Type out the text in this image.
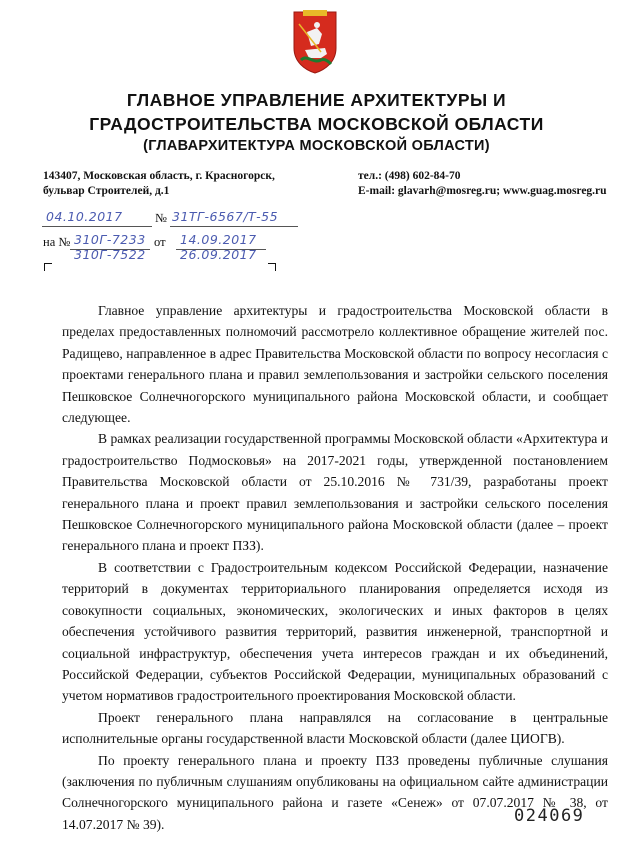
ГЛАВНОЕ УПРАВЛЕНИЕ АРХИТЕКТУРЫ И
ГРАДОСТРОИТЕЛЬСТВА МОСКОВСКОЙ ОБЛАСТИ
(ГЛАВАРХИТЕКТУРА МОСКОВСКОЙ ОБЛАСТИ)
143407, Московская область, г. Красногорск,
бульвар Строителей, д.1
тел.: (498) 602-84-70
E-mail: glavarh@mosreg.ru; www.guag.mosreg.ru
04.10.2017	№ 31ТГ-6567/Т-55
на № 310Г-7233 от 14.09.2017
310Г-7522	26.09.2017

Главное управление архитектуры и градостроительства Московской области в пределах предоставленных полномочий рассмотрело коллективное обращение жителей пос. Радищево, направленное в адрес Правительства Московской области по вопросу несогласия с проектами генерального плана и правил землепользования и застройки сельского поселения Пешковское Солнечногорского муниципального района Московской области, и сообщает следующее.

В рамках реализации государственной программы Московской области «Архитектура и градостроительство Подмосковья» на 2017-2021 годы, утвержденной постановлением Правительства Московской области от 25.10.2016 № 731/39, разработаны проект генерального плана и проект правил землепользования и застройки сельского поселения Пешковское Солнечногорского муниципального района Московской области (далее – проект генерального плана и проект ПЗЗ).

В соответствии с Градостроительным кодексом Российской Федерации, назначение территорий в документах территориального планирования определяется исходя из совокупности социальных, экономических, экологических и иных факторов в целях обеспечения устойчивого развития территорий, развития инженерной, транспортной и социальной инфраструктур, обеспечения учета интересов граждан и их объединений, Российской Федерации, субъектов Российской Федерации, муниципальных образований с учетом нормативов градостроительного проектирования Московской области.

Проект генерального плана направлялся на согласование в центральные исполнительные органы государственной власти Московской области (далее ЦИОГВ).

По проекту генерального плана и проекту ПЗЗ проведены публичные слушания (заключения по публичным слушаниям опубликованы на официальном сайте администрации Солнечногорского муниципального района и газете «Сенеж» от 07.07.2017 № 38, от 14.07.2017 № 39).	024069
